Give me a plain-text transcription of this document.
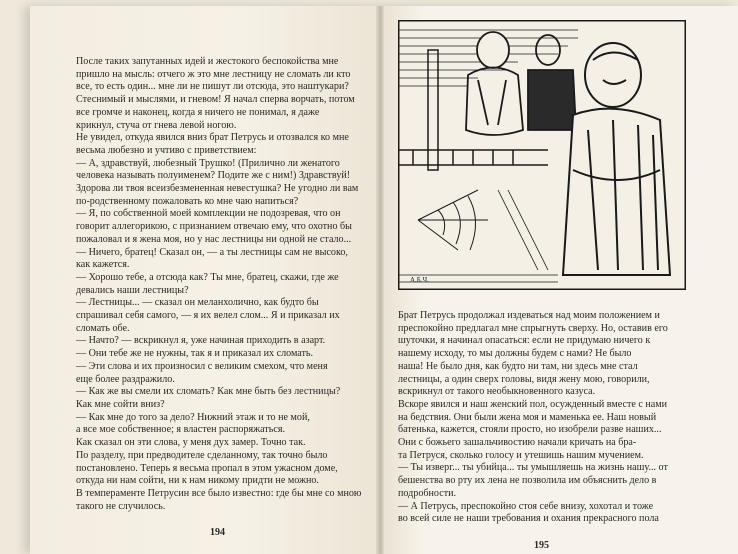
После таких запутанных идей и жестокого беспокойства мне

пришло на мысль: отчего ж это мне лестницу не сломать ли кто

все, то есть один... мне ли не пишут ли отсюда, это наштукари?

Стеснимый и мыслями, и гневом! Я начал сперва ворчать, потом

все громче и наконец, когда я ничего не понимал, я даже

крикнул, стуча от гнева левой ногою.

Не увидел, откуда явился вниз брат Петрусь и отозвался ко мне

весьма любезно и учтиво с приветствием:

— А, здравствуй, любезный Трушко! (Прилично ли женатого

человека называть полуименем? Подите же с ним!) Здравствуй!

Здорова ли твоя всеизбезмененная невестушка? Не угодно ли вам

по-родственному пожаловать ко мне чаю напиться?

— Я, по собственной моей комплекции не подозревая, что он

говорит аллегорикою, с признанием отвечаю ему, что охотно бы

пожаловал и я жена моя, но у нас лестницы ни одной не стало...

— Ничего, братец! Сказал он, — а ты лестницы сам не высоко,

как кажется.

— Хорошо тебе, а отсюда как? Ты мне, братец, скажи, где же

девались наши лестницы?

— Лестницы... — сказал он меланхолично, как будто бы

спрашивал себя самого, — я их велел слом... Я и приказал их

сломать обе.

— Начто? — вскрикнул я, уже начиная приходить в азарт.

— Они тебе же не нужны, так я и приказал их сломать.

— Эти слова и их произносил с великим смехом, что меня

еще более раздражило.

— Как же вы смели их сломать? Как мне быть без лестницы?

Как мне сойти вниз?

— Как мне до того за дело? Нижний этаж и то не мой,

а все мое собственное; я властен распоряжаться.

Как сказал он эти слова, у меня дух замер. Точно так.

По разделу, при предводителе сделанному, так точно было

постановлено. Теперь я весьма пропал в этом ужасном доме,

откуда ни нам сойти, ни к нам никому придти не можно.

В темпераменте Петрусин все было известно: где бы мне со мною

такого не случилось.

194
А.Б.Ч.

Брат Петрусь продолжал издеваться над моим положением и

преспокойно предлагал мне спрыгнуть сверху. Но, оставив его

шуточки, я начинал опасаться: если не придумаю ничего к

нашему исходу, то мы должны будем с нами? Не было

наша! Не было дня, как будто ни там, ни здесь мне стал

лестницы, а один сверх головы, видя жену мою, говорили,

вскрикнул от такого необыкновенного казуса.

Вскоре явился и наш женский пол, осужденный вместе с нами

на бедствия. Они были жена моя и маменька ее. Наш новый

батенька, кажется, стояли просто, но изобрели разве наших...

Они с божьего зашальчивостию начали кричать на бра-

та Петруся, сколько голосу и утешишь нашим мучением.

— Ты изверг... ты убийца... ты умышляешь на жизнь нашу... от

бешенства во рту их лена не позволила им объяснить дело в

подробности.

— А Петрусь, преспокойно стоя себе внизу, хохотал и тоже

во всей силе не наши требования и охания прекрасного пола

195
